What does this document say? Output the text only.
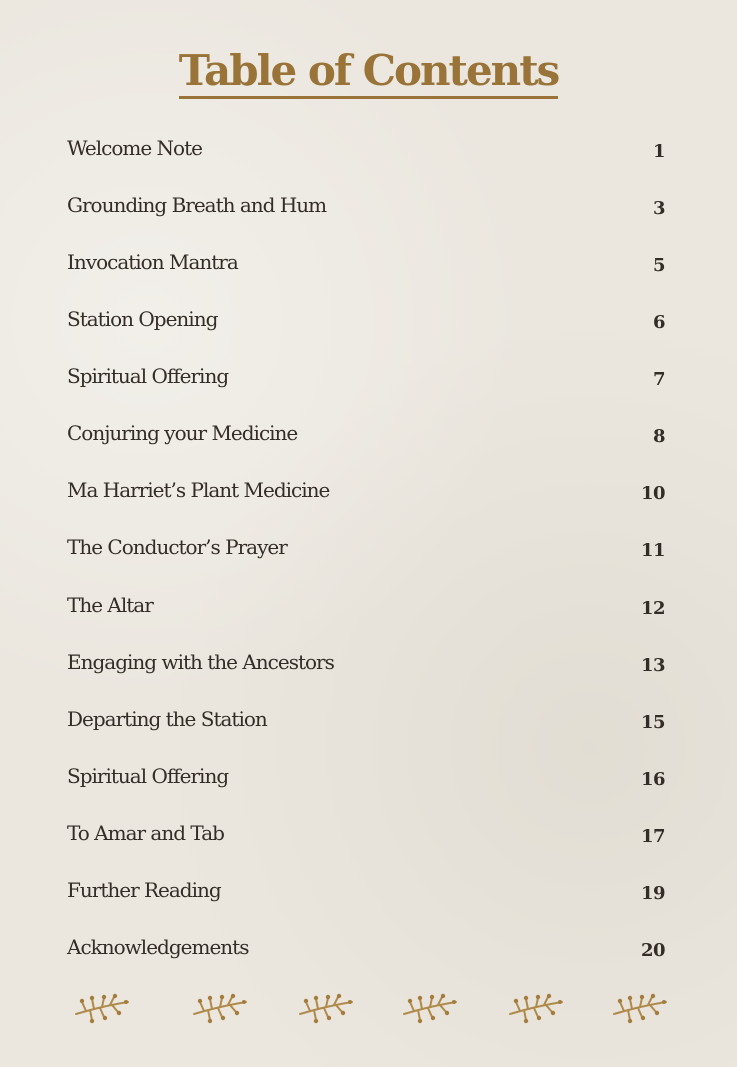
Table of Contents
Welcome Note	1
Grounding Breath and Hum	3
Invocation Mantra	5
Station Opening	6
Spiritual Offering	7
Conjuring your Medicine	8
Ma Harriet’s Plant Medicine	10
The Conductor’s Prayer	11
The Altar	12
Engaging with the Ancestors	13
Departing the Station	15
Spiritual Offering	16
To Amar and Tab	17
Further Reading	19
Acknowledgements	20
